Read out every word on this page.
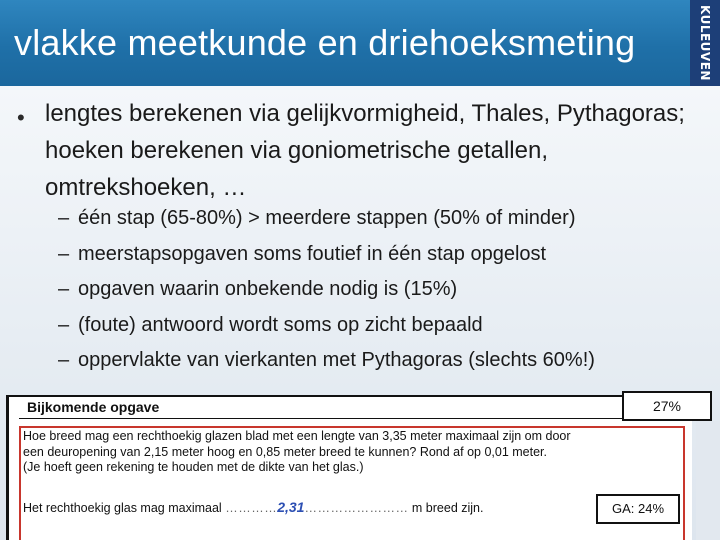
vlakke meetkunde en driehoeksmeting	KULEUVEN
• lengtes berekenen via gelijkvormigheid, Thales, Pythagoras; hoeken berekenen via goniometrische getallen, omtrekshoeken, …

– één stap (65-80%) > meerdere stappen (50% of minder)
– meerstapsopgaven soms foutief in één stap opgelost
– opgaven waarin onbekende nodig is (15%)
– (foute) antwoord wordt soms op zicht bepaald
– oppervlakte van vierkanten met Pythagoras (slechts 60%!)
Bijkomende opgave

Hoe breed mag een rechthoekig glazen blad met een lengte van 3,35 meter maximaal zijn om door
een deuropening van 2,15 meter hoog en 0,85 meter breed te kunnen? Rond af op 0,01 meter.
(Je hoeft geen rekening te houden met de dikte van het glas.)

Het rechthoekig glas mag maximaal …………2,31…………………… m breed zijn.	GA: 24%
27%
